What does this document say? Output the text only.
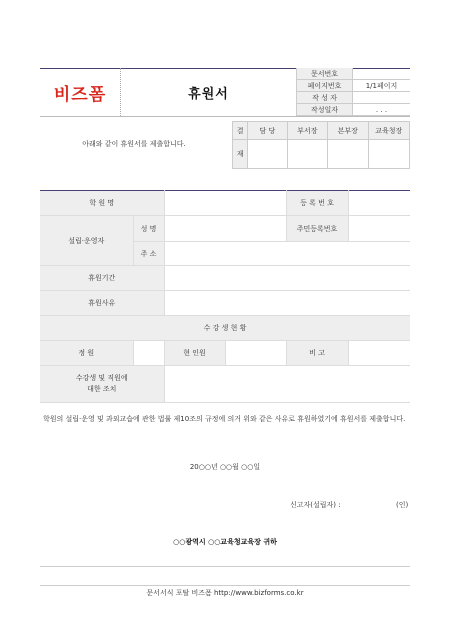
비즈폼	휴원서
문서번호	
페이지번호	1/1페이지
작 성 자	
작성일자	. . .
아래와 같이 휴원서를 제출합니다.
결	담 당	부서장	본부장	교육청장
재				
학 원 명				등 록 번 호	
설립·운영자	성 명			주민등록번호	
	주 소				
휴원기간					
휴원사유					
수 강 생 현 황					
정 원		현 인원		비 고	
수강생 및 직원에
대한 조치					
학원의 설립·운영 및 과외교습에 관한 법률 제10조의 규정에 의거 위와 같은 사유로 휴원하였기에 휴원서를 제출합니다.
20○○년 ○○월 ○○일
신고자(설립자) :	(인)
○○광역시 ○○교육청교육장 귀하
문서서식 포탈 비즈폼 http://www.bizforms.co.kr
